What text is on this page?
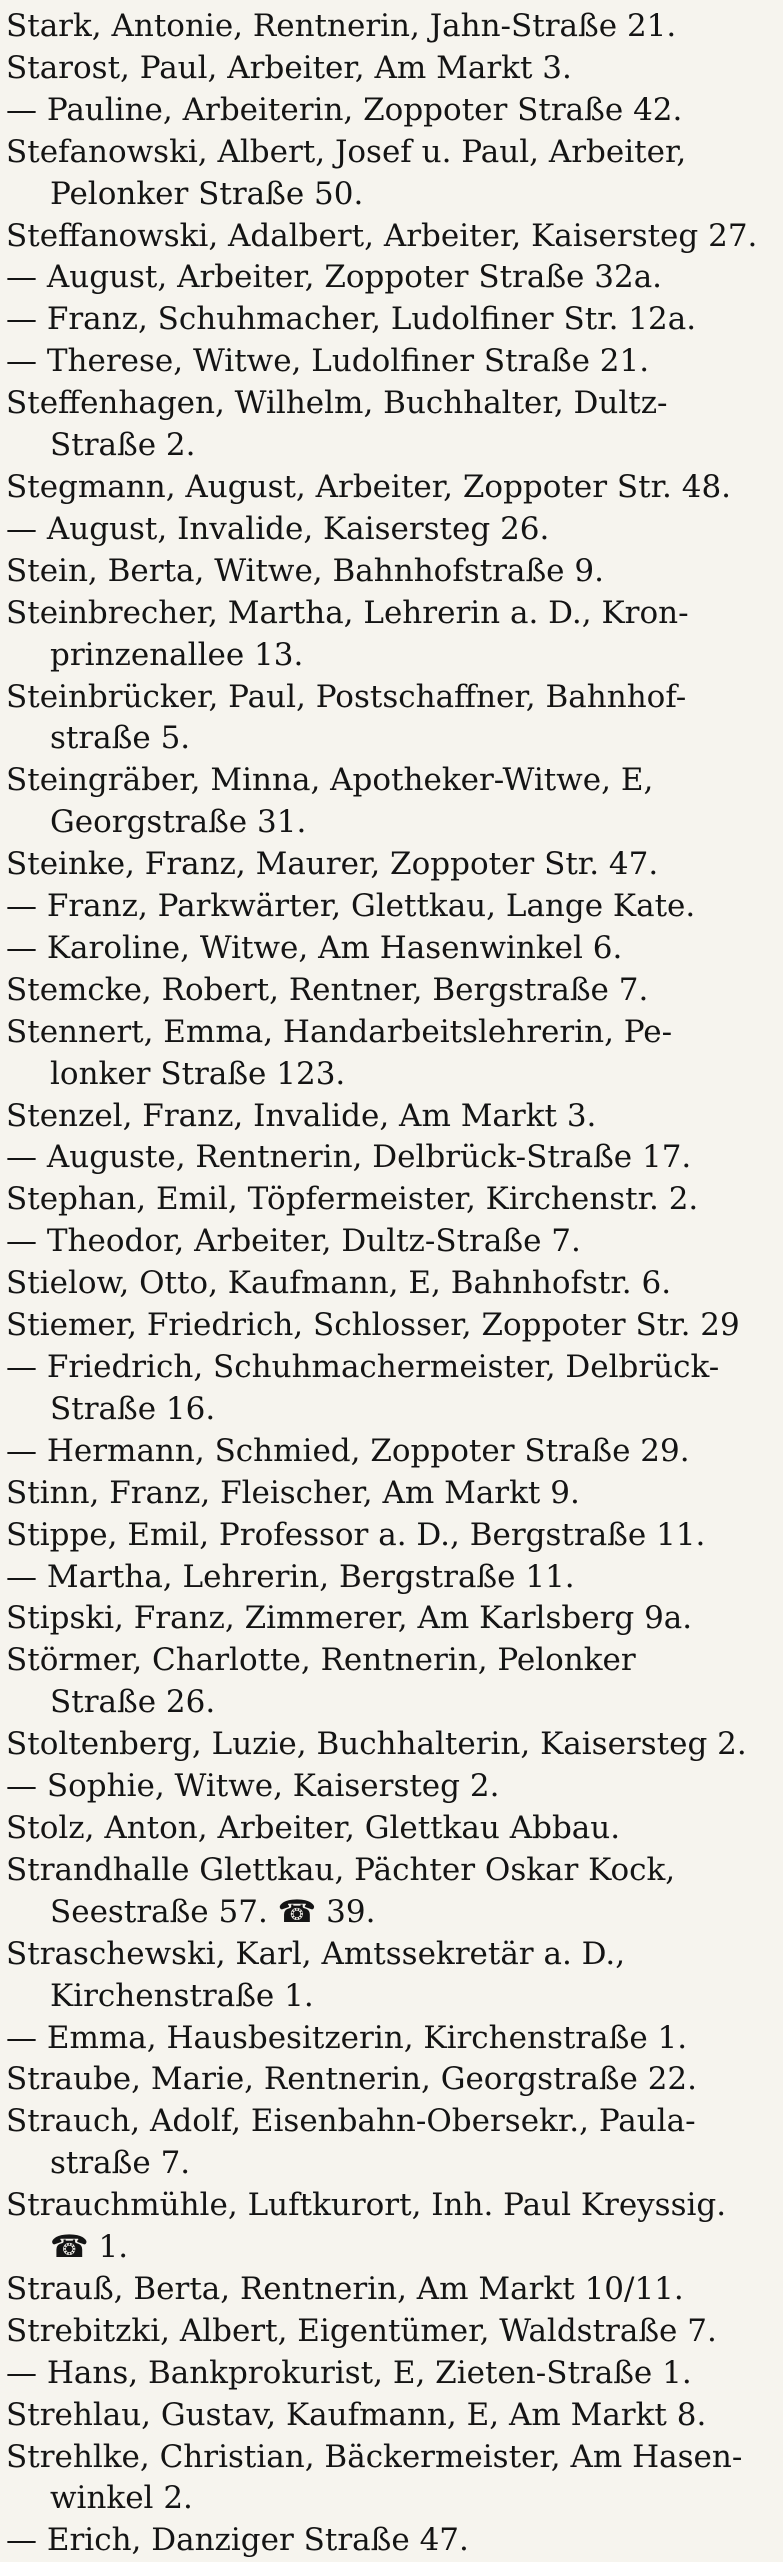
Stark, Antonie, Rentnerin, Jahn-Straße 21.
Starost, Paul, Arbeiter, Am Markt 3.
— Pauline, Arbeiterin, Zoppoter Straße 42.
Stefanowski, Albert, Josef u. Paul, Arbeiter,
Pelonker Straße 50.
Steffanowski, Adalbert, Arbeiter, Kaisersteg 27.
— August, Arbeiter, Zoppoter Straße 32a.
— Franz, Schuhmacher, Ludolfiner Str. 12a.
— Therese, Witwe, Ludolfiner Straße 21.
Steffenhagen, Wilhelm, Buchhalter, Dultz-
Straße 2.
Stegmann, August, Arbeiter, Zoppoter Str. 48.
— August, Invalide, Kaisersteg 26.
Stein, Berta, Witwe, Bahnhofstraße 9.
Steinbrecher, Martha, Lehrerin a. D., Kron-
prinzenallee 13.
Steinbrücker, Paul, Postschaffner, Bahnhof-
straße 5.
Steingräber, Minna, Apotheker-Witwe, E,
Georgstraße 31.
Steinke, Franz, Maurer, Zoppoter Str. 47.
— Franz, Parkwärter, Glettkau, Lange Kate.
— Karoline, Witwe, Am Hasenwinkel 6.
Stemcke, Robert, Rentner, Bergstraße 7.
Stennert, Emma, Handarbeitslehrerin, Pe-
lonker Straße 123.
Stenzel, Franz, Invalide, Am Markt 3.
— Auguste, Rentnerin, Delbrück-Straße 17.
Stephan, Emil, Töpfermeister, Kirchenstr. 2.
— Theodor, Arbeiter, Dultz-Straße 7.
Stielow, Otto, Kaufmann, E, Bahnhofstr. 6.
Stiemer, Friedrich, Schlosser, Zoppoter Str. 29
— Friedrich, Schuhmachermeister, Delbrück-
Straße 16.
— Hermann, Schmied, Zoppoter Straße 29.
Stinn, Franz, Fleischer, Am Markt 9.
Stippe, Emil, Professor a. D., Bergstraße 11.
— Martha, Lehrerin, Bergstraße 11.
Stipski, Franz, Zimmerer, Am Karlsberg 9a.
Störmer, Charlotte, Rentnerin, Pelonker
Straße 26.
Stoltenberg, Luzie, Buchhalterin, Kaisersteg 2.
— Sophie, Witwe, Kaisersteg 2.
Stolz, Anton, Arbeiter, Glettkau Abbau.
Strandhalle Glettkau, Pächter Oskar Kock,
Seestraße 57. ☎ 39.
Straschewski, Karl, Amtssekretär a. D.,
Kirchenstraße 1.
— Emma, Hausbesitzerin, Kirchenstraße 1.
Straube, Marie, Rentnerin, Georgstraße 22.
Strauch, Adolf, Eisenbahn-Obersekr., Paula-
straße 7.
Strauchmühle, Luftkurort, Inh. Paul Kreyssig.
☎ 1.
Strauß, Berta, Rentnerin, Am Markt 10/11.
Strebitzki, Albert, Eigentümer, Waldstraße 7.
— Hans, Bankprokurist, E, Zieten-Straße 1.
Strehlau, Gustav, Kaufmann, E, Am Markt 8.
Strehlke, Christian, Bäckermeister, Am Hasen-
winkel 2.
— Erich, Danziger Straße 47.
